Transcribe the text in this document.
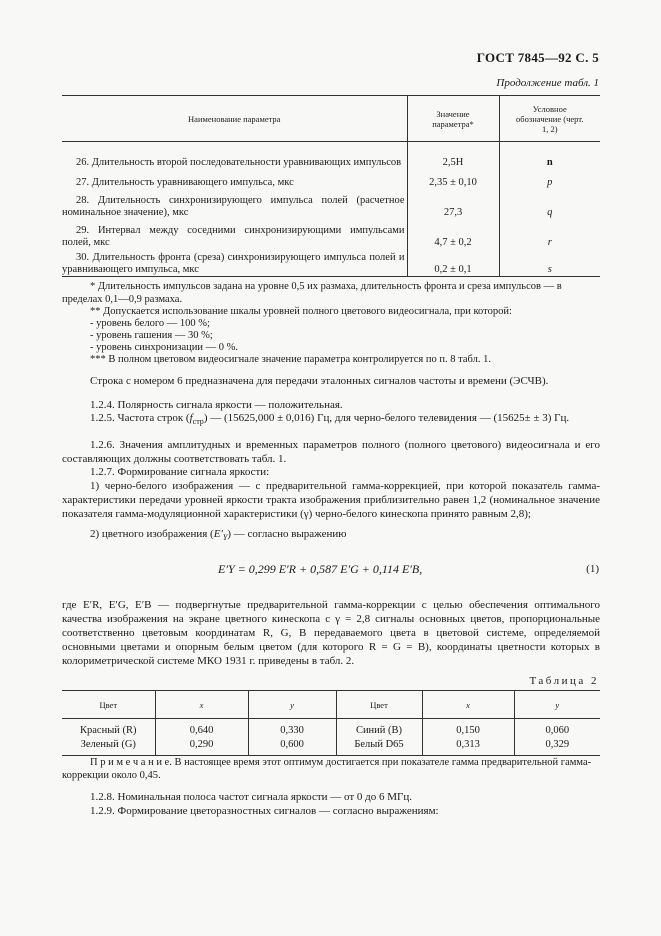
ГОСТ 7845—92 С. 5
Продолжение табл. 1
Наименование параметра	Значение параметра*	Условное обозначение (черт. 1, 2)

26. Длительность второй последовательности уравнивающих импульсов	2,5H	n
27. Длительность уравнивающего импульса, мкс	2,35 ± 0,10	p
28. Длительность синхронизирующего импульса полей (расчетное номинальное значение), мкс	27,3	q
29. Интервал между соседними синхронизирующими импульсами полей, мкс	4,7 ± 0,2	r
30. Длительность фронта (среза) синхронизирующего импульса полей и уравнивающего импульса, мкс	0,2 ± 0,1	s
* Длительность импульсов задана на уровне 0,5 их размаха, длительность фронта и среза импульсов — в пределах 0,1—0,9 размаха.
** Допускается использование шкалы уровней полного цветового видеосигнала, при которой:
- уровень белого — 100 %;
- уровень гашения — 30 %;
- уровень синхронизации — 0 %.
*** В полном цветовом видеосигнале значение параметра контролируется по п. 8 табл. 1.
Строка с номером 6 предназначена для передачи эталонных сигналов частоты и времени (ЭСЧВ).
1.2.4. Полярность сигнала яркости — положительная.
1.2.5. Частота строк $(f_{стр})$ — (15625,000 ± 0,016) Гц, для черно-белого телевидения — (15625± ± 3) Гц.
1.2.6. Значения амплитудных и временных параметров полного (полного цветового) видеосигнала и его составляющих должны соответствовать табл. 1.
1.2.7. Формирование сигнала яркости:
1) черно-белого изображения — с предварительной гамма-коррекцией, при которой показатель гамма-характеристики передачи уровней яркости тракта изображения приблизительно равен 1,2 (номинальное значение показателя гамма-модуляционной характеристики (γ) черно-белого кинескопа принято равным 2,8);
2) цветного изображения $(E'_Y)$ — согласно выражению
E′Y = 0,299 E′R + 0,587 E′G + 0,114 E′B,	(1)
где E′R, E′G, E′B — подвергнутые предварительной гамма-коррекции с целью обеспечения оптимального качества изображения на экране цветного кинескопа с γ = 2,8 сигналы основных цветов, пропорциональные соответственно цветовым координатам R, G, B передаваемого цвета в цветовой системе, определяемой основными цветами и опорным белым цветом (для которого R = G = B), координаты цветности которых в колориметрической системе МКО 1931 г. приведены в табл. 2.
Таблица 2
Цвет	x	y	Цвет	x	y
Красный (R)	0,640	0,330	Синий (B)	0,150	0,060
Зеленый (G)	0,290	0,600	Белый D65	0,313	0,329
П р и м е ч а н и е. В настоящее время этот оптимум достигается при показателе гамма предварительной гамма-коррекции около 0,45.
1.2.8. Номинальная полоса частот сигнала яркости — от 0 до 6 МГц.
1.2.9. Формирование цветоразностных сигналов — согласно выражениям:
